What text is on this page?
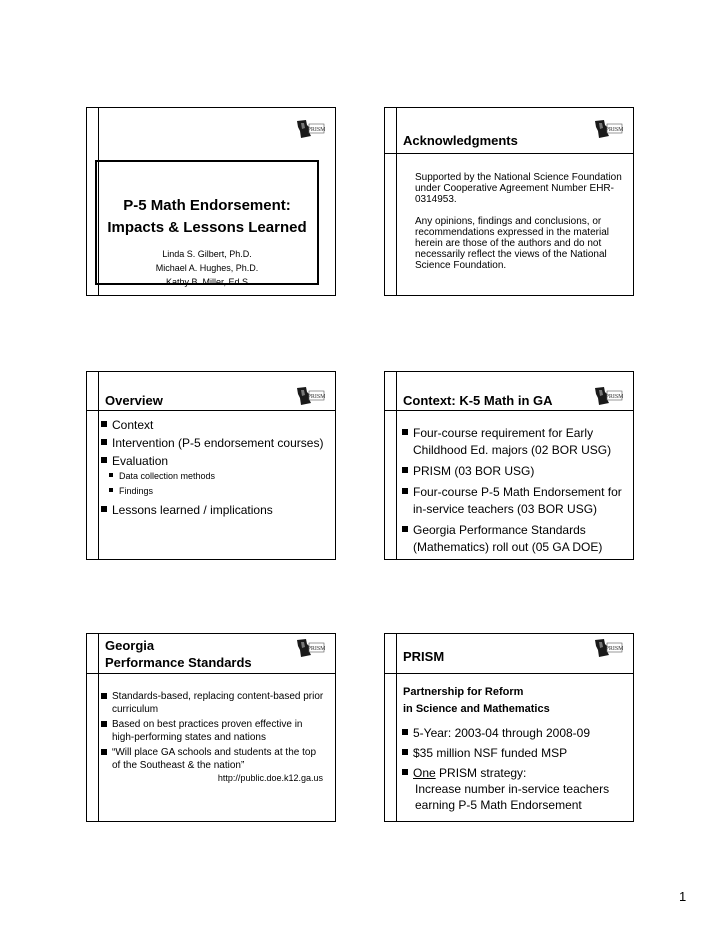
P-5 Math Endorsement:
Impacts & Lessons Learned
Linda S. Gilbert, Ph.D.
Michael A. Hughes, Ph.D.
Kathy B. Miller, Ed.S
Acknowledgments
Supported by the National Science Foundation under Cooperative Agreement Number EHR-0314953.
Any opinions, findings and conclusions, or recommendations expressed in the material herein are those of the authors and do not necessarily reflect the views of the National Science Foundation.
Overview
Context
Intervention (P-5 endorsement courses)
Evaluation
Data collection methods
Findings
Lessons learned / implications
Context: K-5 Math in GA
Four-course requirement for Early Childhood Ed. majors (02 BOR USG)
PRISM (03 BOR USG)
Four-course P-5 Math Endorsement for in-service teachers (03 BOR USG)
Georgia Performance Standards (Mathematics) roll out (05 GA DOE)
Georgia
Performance Standards
Standards-based, replacing content-based prior curriculum
Based on best practices proven effective in high-performing states and nations
“Will place GA schools and students at the top of the Southeast & the nation”
http://public.doe.k12.ga.us
PRISM
Partnership for Reform
in Science and Mathematics
5-Year: 2003-04 through 2008-09
$35 million NSF funded MSP
One PRISM strategy:
Increase number in-service teachers earning P-5 Math Endorsement
1
